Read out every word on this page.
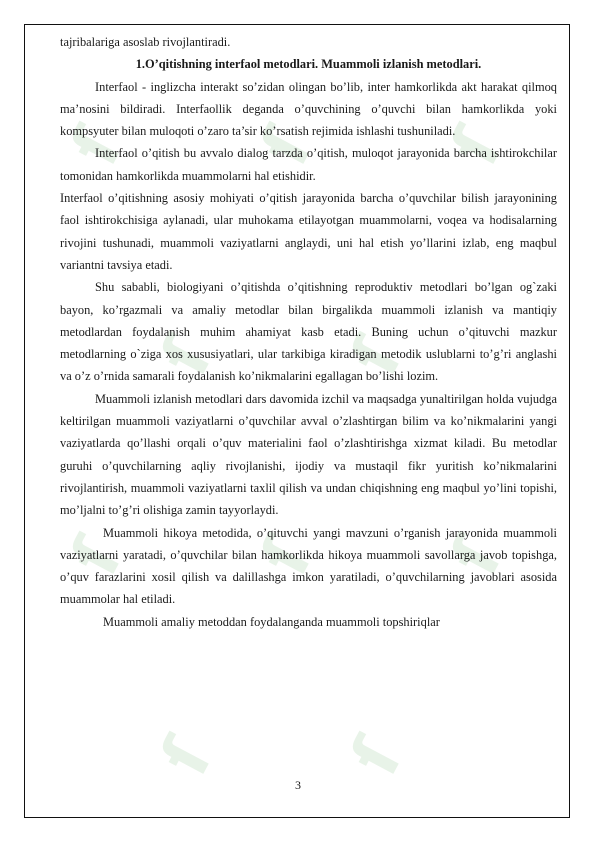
ſ ſ ſ
ſ ſ
ſ ſ ſ
ſ ſ

tajribalariga asoslab rivojlantiradi.

1.O’qitishning interfaol metodlari. Muammoli izlanish metodlari.

Interfaol - inglizcha interakt so’zidan olingan bo’lib, inter hamkorlikda akt harakat qilmoq ma’nosini bildiradi. Interfaollik deganda o’quvchining o’quvchi bilan hamkorlikda yoki kompsyuter bilan muloqoti o’zaro ta’sir ko’rsatish rejimida ishlashi tushuniladi.

Interfaol o’qitish bu avvalo dialog tarzda o’qitish, muloqot jarayonida barcha ishtirokchilar tomonidan hamkorlikda muammolarni hal etishidir.

Interfaol o’qitishning asosiy mohiyati o’qitish jarayonida barcha o’quvchilar bilish jarayonining faol ishtirokchisiga aylanadi, ular muhokama etilayotgan muammolarni, voqea va hodisalarning rivojini tushunadi, muammoli vaziyatlarni anglaydi, uni hal etish yo’llarini izlab, eng maqbul variantni tavsiya etadi.

Shu sababli, biologiyani o’qitishda o’qitishning reproduktiv metodlari bo’lgan og`zaki bayon, ko’rgazmali va amaliy metodlar bilan birgalikda muammoli izlanish va mantiqiy metodlardan foydalanish muhim ahamiyat kasb etadi. Buning uchun o’qituvchi mazkur metodlarning o`ziga xos xususiyatlari, ular tarkibiga kiradigan metodik uslublarni to’g’ri anglashi va o’z o’rnida samarali foydalanish ko’nikmalarini egallagan bo’lishi lozim.

Muammoli izlanish metodlari dars davomida izchil va maqsadga yunaltirilgan holda vujudga keltirilgan muammoli vaziyatlarni o’quvchilar avval o’zlashtirgan bilim va ko’nikmalarini yangi vaziyatlarda qo’llashi orqali o’quv materialini faol o’zlashtirishga xizmat kiladi. Bu metodlar guruhi o’quvchilarning aqliy rivojlanishi, ijodiy va mustaqil fikr yuritish ko’nikmalarini rivojlantirish, muammoli vaziyatlarni taxlil qilish va undan chiqishning eng maqbul yo’lini topishi, mo’ljalni to’g’ri olishiga zamin tayyorlaydi.

Muammoli hikoya metodida, o’qituvchi yangi mavzuni o’rganish jarayonida muammoli vaziyatlarni yaratadi, o’quvchilar bilan hamkorlikda hikoya muammoli savollarga javob topishga, o’quv farazlarini xosil qilish va dalillashga imkon yaratiladi, o’quvchilarning javoblari asosida muammolar hal etiladi.

Muammoli amaliy metoddan foydalanganda muammoli topshiriqlar

3
